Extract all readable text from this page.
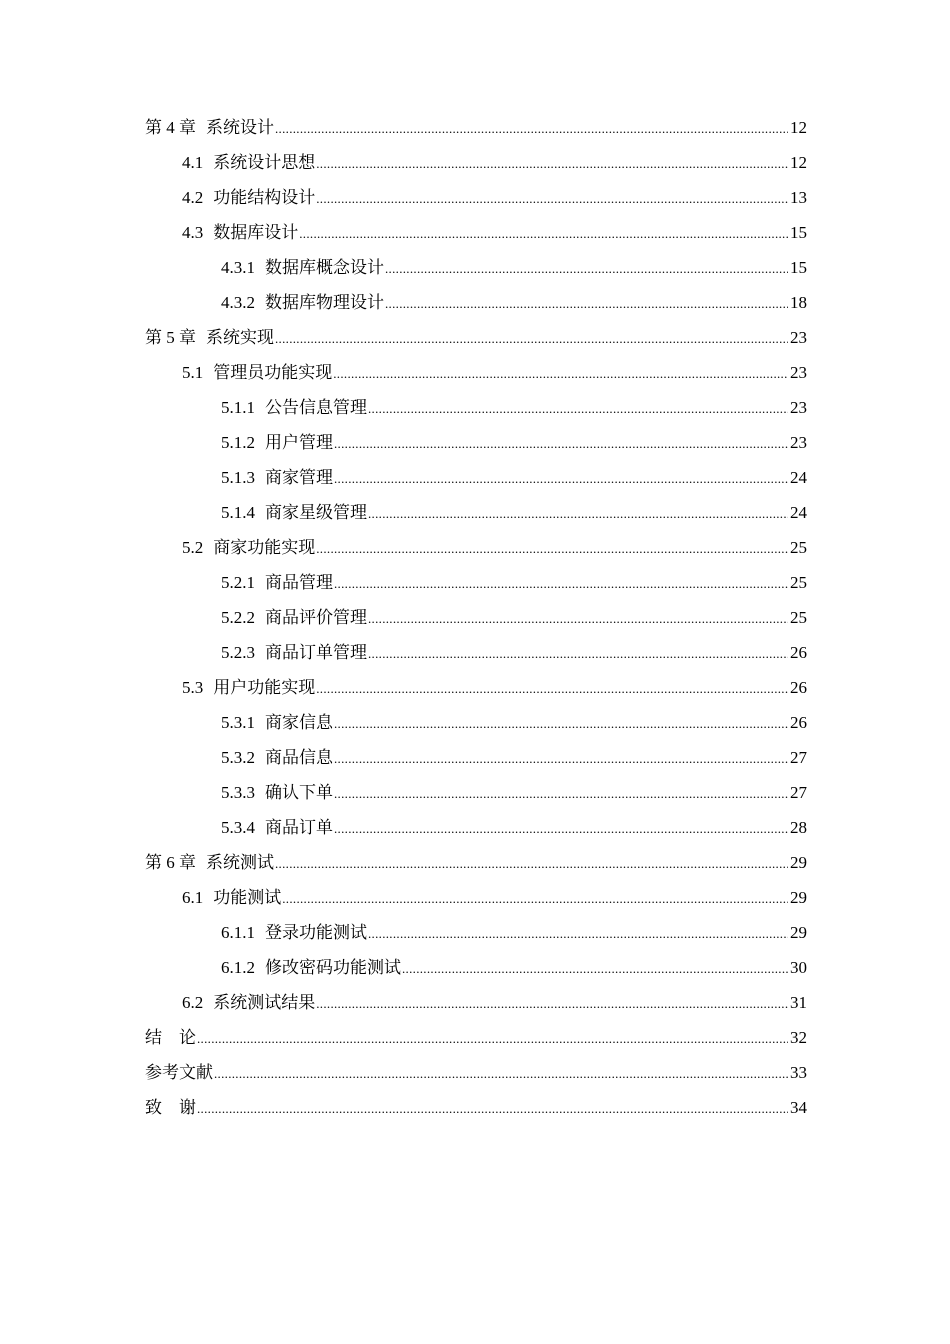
第 4 章 系统设计 .....	12
4.1 系统设计思想 .....	12
4.2 功能结构设计 .....	13
4.3 数据库设计 .....	15
4.3.1 数据库概念设计 .....	15
4.3.2 数据库物理设计 .....	18
第 5 章 系统实现 .....	23
5.1 管理员功能实现 .....	23
5.1.1 公告信息管理 .....	23
5.1.2 用户管理 .....	23
5.1.3 商家管理 .....	24
5.1.4 商家星级管理 .....	24
5.2 商家功能实现 .....	25
5.2.1 商品管理 .....	25
5.2.2 商品评价管理 .....	25
5.2.3 商品订单管理 .....	26
5.3 用户功能实现 .....	26
5.3.1 商家信息 .....	26
5.3.2 商品信息 .....	27
5.3.3 确认下单 .....	27
5.3.4 商品订单 .....	28
第 6 章 系统测试 .....	29
6.1 功能测试 .....	29
6.1.1 登录功能测试 .....	29
6.1.2 修改密码功能测试 .....	30
6.2 系统测试结果 .....	31
结　论 .....	32
参考文献 .....	33
致　谢 .....	34
